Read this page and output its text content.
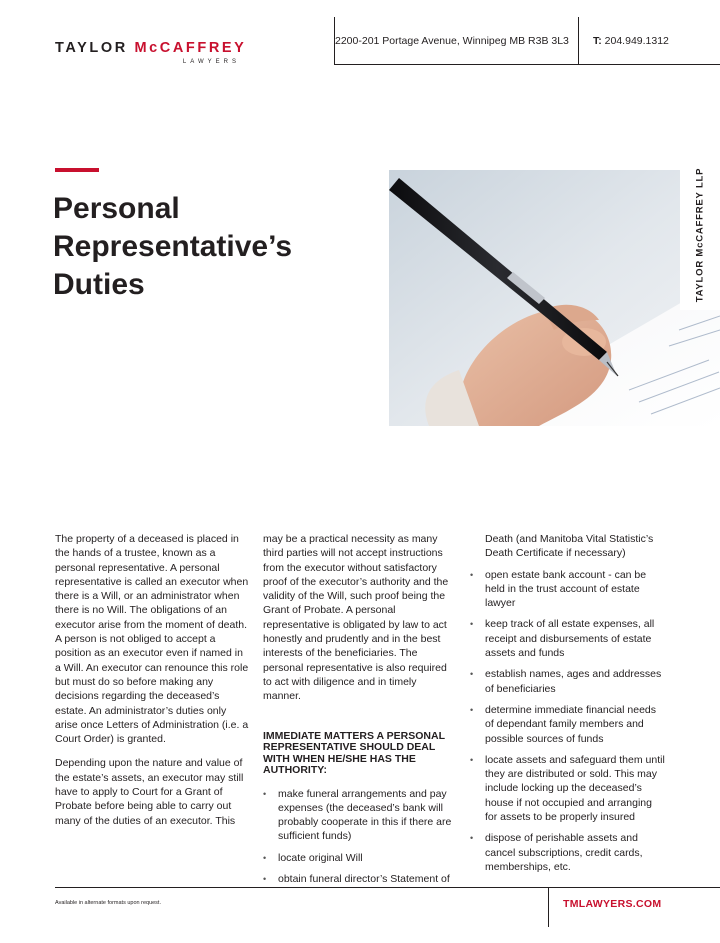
TAYLOR McCAFFREY
LAWYERS
2200-201 Portage Avenue, Winnipeg MB R3B 3L3	T: 204.949.1312
Personal Representative’s Duties	TAYLOR McCAFFREY LLP

The property of a deceased is placed in the hands of a trustee, known as a personal representative. A personal representative is called an executor when there is a Will, or an administrator when there is no Will. The obligations of an executor arise from the moment of death. A person is not obliged to accept a position as an executor even if named in a Will. An executor can renounce this role but must do so before making any decisions regarding the deceased’s estate. An administrator’s duties only arise once Letters of Administration (i.e. a Court Order) is granted.

Depending upon the nature and value of the estate’s assets, an executor may still have to apply to Court for a Grant of Probate before being able to carry out many of the duties of an executor. This

may be a practical necessity as many third parties will not accept instructions from the executor without satisfactory proof of the executor’s authority and the validity of the Will, such proof being the Grant of Probate. A personal representative is obligated by law to act honestly and prudently and in the best interests of the beneficiaries. The personal representative is also required to act with diligence and in timely manner.

IMMEDIATE MATTERS A PERSONAL REPRESENTATIVE SHOULD DEAL WITH WHEN HE/SHE HAS THE AUTHORITY:

• make funeral arrangements and pay expenses (the deceased’s bank will probably cooperate in this if there are sufficient funds)
• locate original Will
• obtain funeral director’s Statement of

Death (and Manitoba Vital Statistic’s Death Certificate if necessary)

• open estate bank account - can be held in the trust account of estate lawyer
• keep track of all estate expenses, all receipt and disbursements of estate assets and funds
• establish names, ages and addresses of beneficiaries
• determine immediate financial needs of dependant family members and possible sources of funds
• locate assets and safeguard them until they are distributed or sold. This may include locking up the deceased’s house if not occupied and arranging for assets to be properly insured
• dispose of perishable assets and cancel subscriptions, credit cards, memberships, etc.
Available in alternate formats upon request.	TMLAWYERS.COM
